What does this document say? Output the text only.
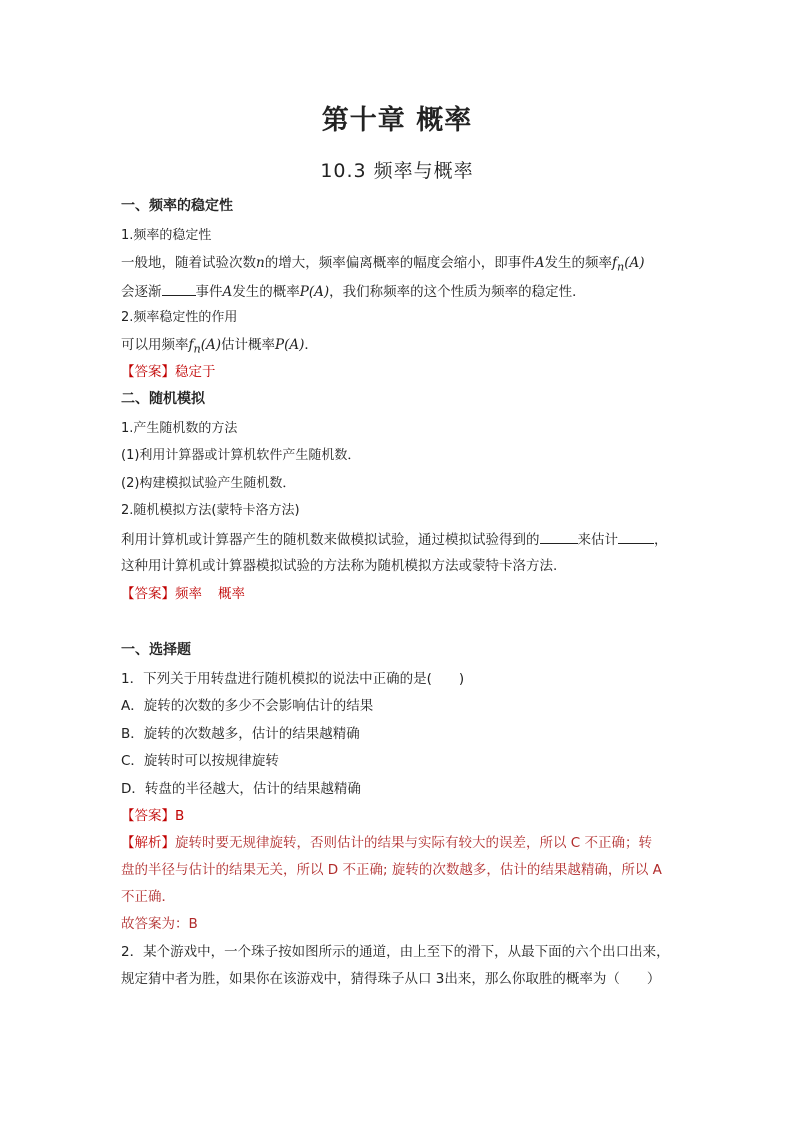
第十章 概率
10.3 频率与概率
一、频率的稳定性
1.频率的稳定性
一般地，随着试验次数n的增大，频率偏离概率的幅度会缩小，即事件A发生的频率$f_n(A)$
会逐渐	事件A发生的概率P(A)，我们称频率的这个性质为频率的稳定性．
2.频率稳定性的作用
可以用频率$f_n(A)$估计概率P(A)．
【答案】稳定于
二、随机模拟
1.产生随机数的方法
(1)利用计算器或计算机软件产生随机数．
(2)构建模拟试验产生随机数．
2.随机模拟方法(蒙特卡洛方法)
利用计算机或计算器产生的随机数来做模拟试验，通过模拟试验得到的	来估计	，
这种用计算机或计算器模拟试验的方法称为随机模拟方法或蒙特卡洛方法.
【答案】频率 概率
一、选择题
1．下列关于用转盘进行随机模拟的说法中正确的是(　　)
A．旋转的次数的多少不会影响估计的结果
B．旋转的次数越多，估计的结果越精确
C．旋转时可以按规律旋转
D．转盘的半径越大，估计的结果越精确
【答案】B
【解析】旋转时要无规律旋转，否则估计的结果与实际有较大的误差，所以 C 不正确；转
盘的半径与估计的结果无关，所以 D 不正确; 旋转的次数越多，估计的结果越精确，所以 A
不正确．
故答案为：B
2．某个游戏中，一个珠子按如图所示的通道，由上至下的滑下，从最下面的六个出口出来，
规定猜中者为胜，如果你在该游戏中，猜得珠子从口 3出来，那么你取胜的概率为（　　）
